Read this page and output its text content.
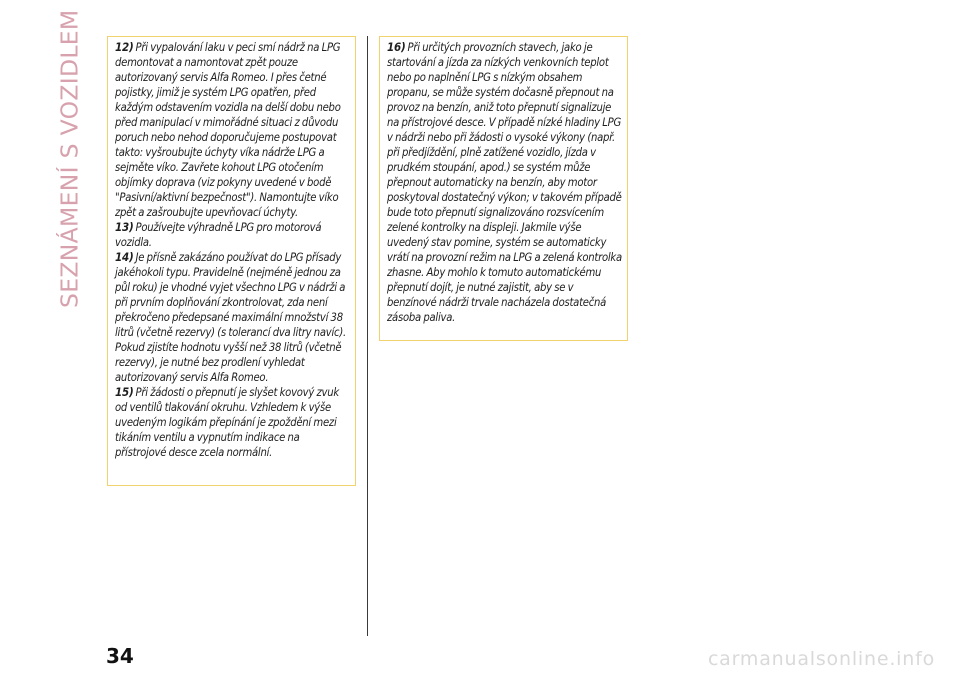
SEZNÁMENÍ S VOZIDLEM	12) Při vypalování laku v peci smí nádrž na LPG demontovat a namontovat zpět pouze autorizovaný servis Alfa Romeo. I přes četné pojistky, jimiž je systém LPG opatřen, před každým odstavením vozidla na delší dobu nebo před manipulací v mimořádné situaci z důvodu poruch nebo nehod doporučujeme postupovat takto: vyšroubujte úchyty víka nádrže LPG a sejměte víko. Zavřete kohout LPG otočením objímky doprava (viz pokyny uvedené v bodě "Pasivní/aktivní bezpečnost"). Namontujte víko zpět a zašroubujte upevňovací úchyty.

13) Používejte výhradně LPG pro motorová vozidla.

14) Je přísně zakázáno používat do LPG přísady jakéhokoli typu. Pravidelně (nejméně jednou za půl roku) je vhodné vyjet všechno LPG v nádrži a při prvním doplňování zkontrolovat, zda není překročeno předepsané maximální množství 38 litrů (včetně rezervy) (s tolerancí dva litry navíc). Pokud zjistíte hodnotu vyšší než 38 litrů (včetně rezervy), je nutné bez prodlení vyhledat autorizovaný servis Alfa Romeo.

15) Při žádosti o přepnutí je slyšet kovový zvuk od ventilů tlakování okruhu. Vzhledem k výše uvedeným logikám přepínání je zpoždění mezi tikáním ventilu a vypnutím indikace na přístrojové desce zcela normální.

16) Při určitých provozních stavech, jako je startování a jízda za nízkých venkovních teplot nebo po naplnění LPG s nízkým obsahem propanu, se může systém dočasně přepnout na provoz na benzín, aniž toto přepnutí signalizuje na přístrojové desce. V případě nízké hladiny LPG v nádrži nebo při žádosti o vysoké výkony (např. při předjíždění, plně zatížené vozidlo, jízda v prudkém stoupání, apod.) se systém může přepnout automaticky na benzín, aby motor poskytoval dostatečný výkon; v takovém případě bude toto přepnutí signalizováno rozsvícením zelené kontrolky na displeji. Jakmile výše uvedený stav pomine, systém se automaticky vrátí na provozní režim na LPG a zelená kontrolka zhasne. Aby mohlo k tomuto automatickému přepnutí dojít, je nutné zajistit, aby se v benzínové nádrži trvale nacházela dostatečná zásoba paliva.

34	carmanualsonline.info
